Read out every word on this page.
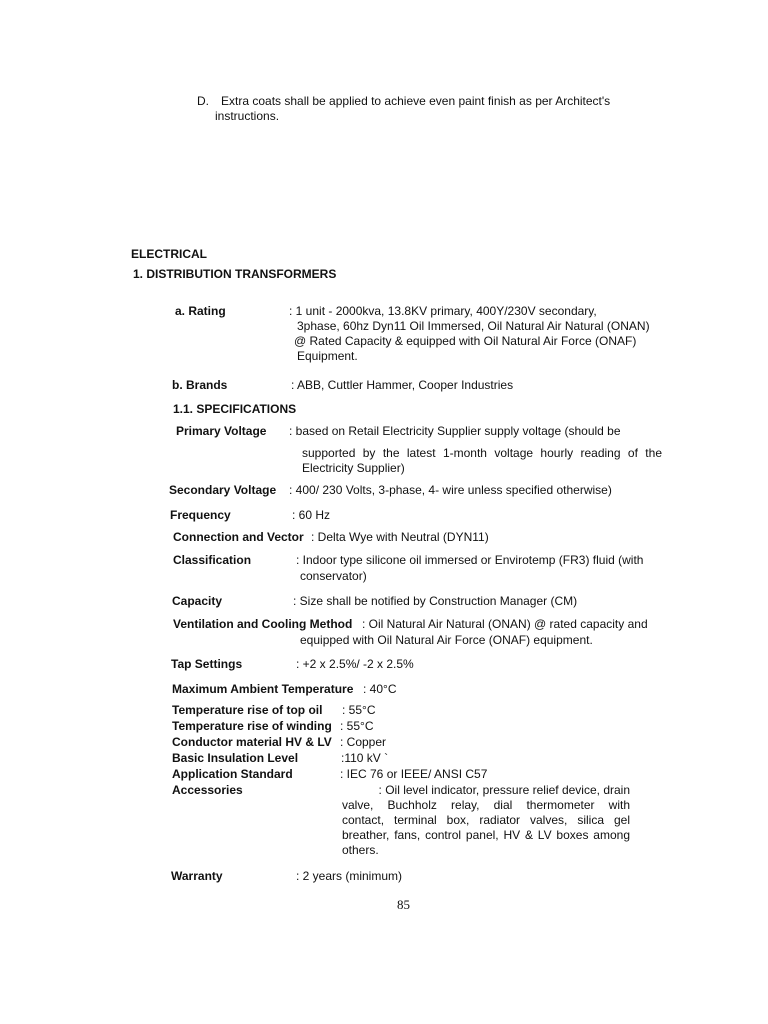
D. Extra coats shall be applied to achieve even paint finish as per Architect's
instructions.
ELECTRICAL
1. DISTRIBUTION TRANSFORMERS
a. Rating	: 1 unit - 2000kva, 13.8KV primary, 400Y/230V secondary,
3phase, 60hz Dyn11 Oil Immersed, Oil Natural Air Natural (ONAN)
@ Rated Capacity & equipped with Oil Natural Air Force (ONAF)
Equipment.
b. Brands	: ABB, Cuttler Hammer, Cooper Industries
1.1. SPECIFICATIONS
Primary Voltage : based on Retail Electricity Supplier supply voltage (should be
supported by the latest 1-month voltage hourly reading of the
Electricity Supplier)
Secondary Voltage : 400/ 230 Volts, 3-phase, 4- wire unless specified otherwise)
Frequency	: 60 Hz
Connection and Vector : Delta Wye with Neutral (DYN11)
Classification	: Indoor type silicone oil immersed or Envirotemp (FR3) fluid (with
conservator)
Capacity	: Size shall be notified by Construction Manager (CM)
Ventilation and Cooling Method : Oil Natural Air Natural (ONAN) @ rated capacity and
equipped with Oil Natural Air Force (ONAF) equipment.
Tap Settings	: +2 x 2.5%/ -2 x 2.5%
Maximum Ambient Temperature : 40°C
Temperature rise of top oil : 55°C
Temperature rise of winding : 55°C
Conductor material HV & LV : Copper
Basic Insulation Level	:110 kV `
Application Standard	: IEC 76 or IEEE/ ANSI C57
Accessories	: Oil level indicator, pressure relief device, drain
valve, Buchholz relay, dial thermometer with
contact, terminal box, radiator valves, silica gel
breather, fans, control panel, HV & LV boxes among
others.
Warranty	: 2 years (minimum)
85
